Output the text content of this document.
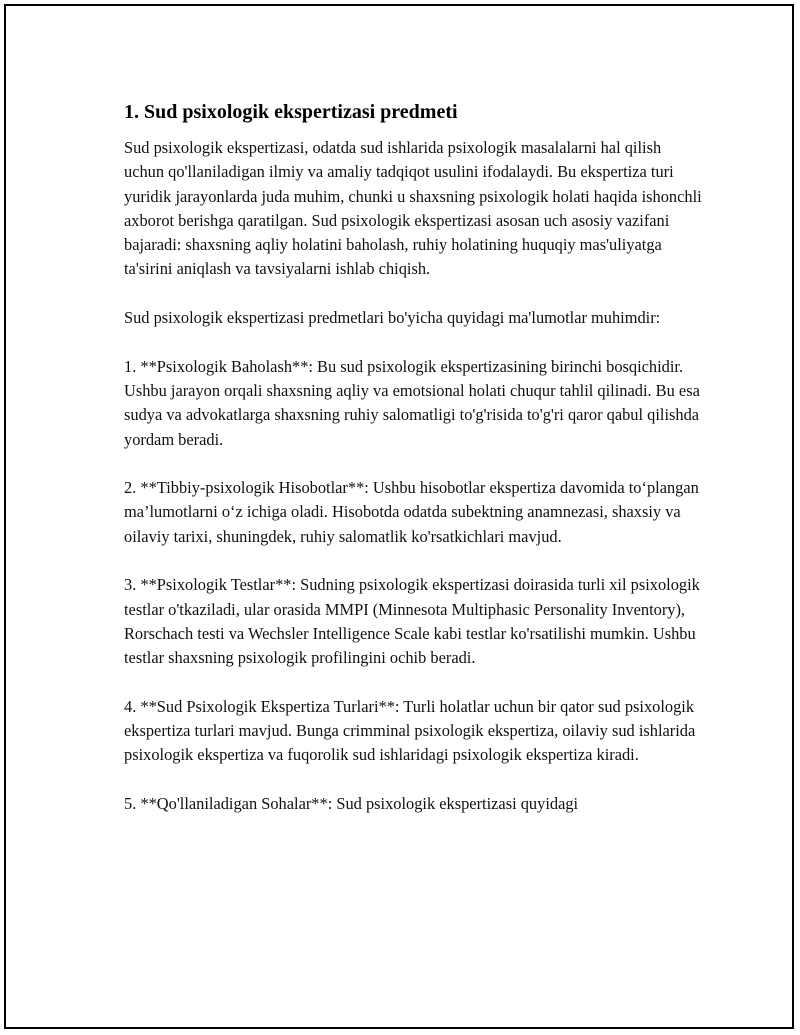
1. Sud psixologik ekspertizasi predmeti

Sud psixologik ekspertizasi, odatda sud ishlarida psixologik masalalarni hal qilish uchun qo'llaniladigan ilmiy va amaliy tadqiqot usulini ifodalaydi. Bu ekspertiza turi yuridik jarayonlarda juda muhim, chunki u shaxsning psixologik holati haqida ishonchli axborot berishga qaratilgan. Sud psixologik ekspertizasi asosan uch asosiy vazifani bajaradi: shaxsning aqliy holatini baholash, ruhiy holatining huquqiy mas'uliyatga ta'sirini aniqlash va tavsiyalarni ishlab chiqish.

Sud psixologik ekspertizasi predmetlari bo'yicha quyidagi ma'lumotlar muhimdir:

1. **Psixologik Baholash**: Bu sud psixologik ekspertizasining birinchi bosqichidir. Ushbu jarayon orqali shaxsning aqliy va emotsional holati chuqur tahlil qilinadi. Bu esa sudya va advokatlarga shaxsning ruhiy salomatligi to'g'risida to'g'ri qaror qabul qilishda yordam beradi.

2. **Tibbiy-psixologik Hisobotlar**: Ushbu hisobotlar ekspertiza davomida to‘plangan ma’lumotlarni o‘z ichiga oladi. Hisobotda odatda subektning anamnezasi, shaxsiy va oilaviy tarixi, shuningdek, ruhiy salomatlik ko'rsatkichlari mavjud.

3. **Psixologik Testlar**: Sudning psixologik ekspertizasi doirasida turli xil psixologik testlar o'tkaziladi, ular orasida MMPI (Minnesota Multiphasic Personality Inventory), Rorschach testi va Wechsler Intelligence Scale kabi testlar ko'rsatilishi mumkin. Ushbu testlar shaxsning psixologik profilingini ochib beradi.

4. **Sud Psixologik Ekspertiza Turlari**: Turli holatlar uchun bir qator sud psixologik ekspertiza turlari mavjud. Bunga crimminal psixologik ekspertiza, oilaviy sud ishlarida psixologik ekspertiza va fuqorolik sud ishlaridagi psixologik ekspertiza kiradi.

5. **Qo'llaniladigan Sohalar**: Sud psixologik ekspertizasi quyidagi
